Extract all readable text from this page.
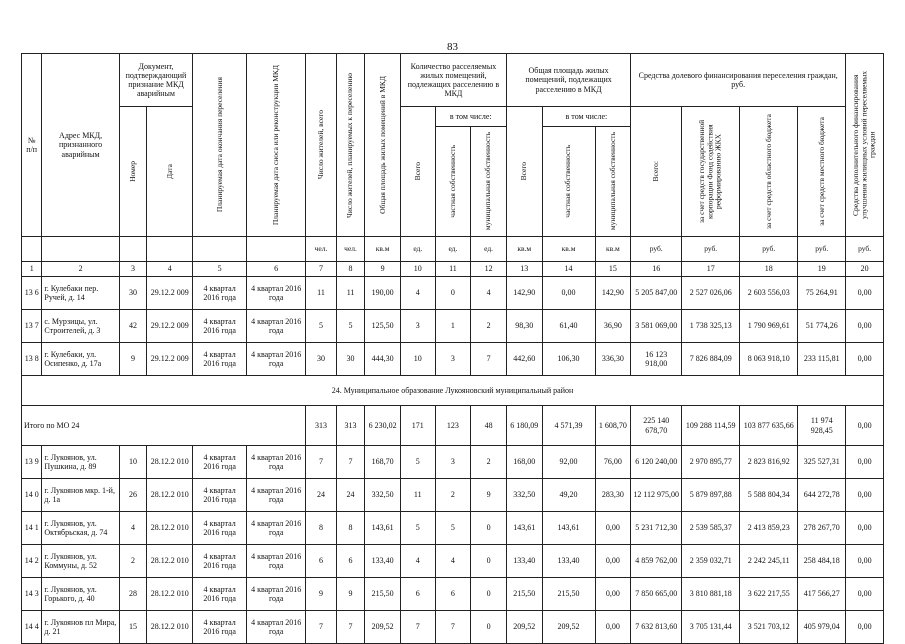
83
№ п/п	Адрес МКД, признанного аварийным	Документ, подтверждающий признание МКД аварийным		Планируемая дата окончания переселения	Планируемая дата сноса или реконструкции МКД	Число жителей, всего	Число жителей, планируемых к переселению	Общая площадь жилых помещений в МКД	Количество расселяемых жилых помещений, подлежащих расселению в МКД			Общая площадь жилых помещений, подлежащих расселению в МКД			Средства долевого финансирования переселения граждан, руб.				Средства дополнительного финансирования улучшения жилищных условий переселяемых граждан

		Номер	Дата						Всего	в том числе:		Всего	в том числе:		Всего:	за счет средств государственной корпорации Фонд содействия реформированию ЖКХ	за счет средств областного бюджета	за счет средств местного бюджета	

										частная собственность	муниципальная собственность		частная собственность	муниципальная собственность					

						чел.	чел.	кв.м	ед.	ед.	ед.	кв.м	кв.м	кв.м	руб.	руб.	руб.	руб.	руб.
1	2	3	4	5	6	7	8	9	10	11	12	13	14	15	16	17	18	19	20
13 6	г. Кулебаки пер. Ручей, д. 14	30	29.12.2 009	4 квартал 2016 года	4 квартал 2016 года	11	11	190,00	4	0	4	142,90	0,00	142,90	5 205 847,00	2 527 026,06	2 603 556,03	75 264,91	0,00
13 7	с. Мурзицы, ул. Строителей, д. 3	42	29.12.2 009	4 квартал 2016 года	4 квартал 2016 года	5	5	125,50	3	1	2	98,30	61,40	36,90	3 581 069,00	1 738 325,13	1 790 969,61	51 774,26	0,00
13 8	г. Кулебаки, ул. Осипенко, д. 17а	9	29.12.2 009	4 квартал 2016 года	4 квартал 2016 года	30	30	444,30	10	3	7	442,60	106,30	336,30	16 123 918,00	7 826 884,09	8 063 918,10	233 115,81	0,00
24. Муниципальное образование Лукояновский муниципальный район																			
Итого по МО 24						313	313	6 230,02	171	123	48	6 180,09	4 571,39	1 608,70	225 140 678,70	109 288 114,59	103 877 635,66	11 974 928,45	0,00
13 9	г. Лукоянов, ул. Пушкина, д. 89	10	28.12.2 010	4 квартал 2016 года	4 квартал 2016 года	7	7	168,70	5	3	2	168,00	92,00	76,00	6 120 240,00	2 970 895,77	2 823 816,92	325 527,31	0,00
14 0	г. Лукоянов мкр. 1-й, д. 1а	26	28.12.2 010	4 квартал 2016 года	4 квартал 2016 года	24	24	332,50	11	2	9	332,50	49,20	283,30	12 112 975,00	5 879 897,88	5 588 804,34	644 272,78	0,00
14 1	г. Лукоянов, ул. Октябрьская, д. 74	4	28.12.2 010	4 квартал 2016 года	4 квартал 2016 года	8	8	143,61	5	5	0	143,61	143,61	0,00	5 231 712,30	2 539 585,37	2 413 859,23	278 267,70	0,00
14 2	г. Лукоянов, ул. Коммуны, д. 52	2	28.12.2 010	4 квартал 2016 года	4 квартал 2016 года	6	6	133,40	4	4	0	133,40	133,40	0,00	4 859 762,00	2 359 032,71	2 242 245,11	258 484,18	0,00
14 3	г. Лукоянов, ул. Горького, д. 40	28	28.12.2 010	4 квартал 2016 года	4 квартал 2016 года	9	9	215,50	6	6	0	215,50	215,50	0,00	7 850 665,00	3 810 881,18	3 622 217,55	417 566,27	0,00
14 4	г. Лукоянов пл Мира, д. 21	15	28.12.2 010	4 квартал 2016 года	4 квартал 2016 года	7	7	209,52	7	7	0	209,52	209,52	0,00	7 632 813,60	3 705 131,44	3 521 703,12	405 979,04	0,00
